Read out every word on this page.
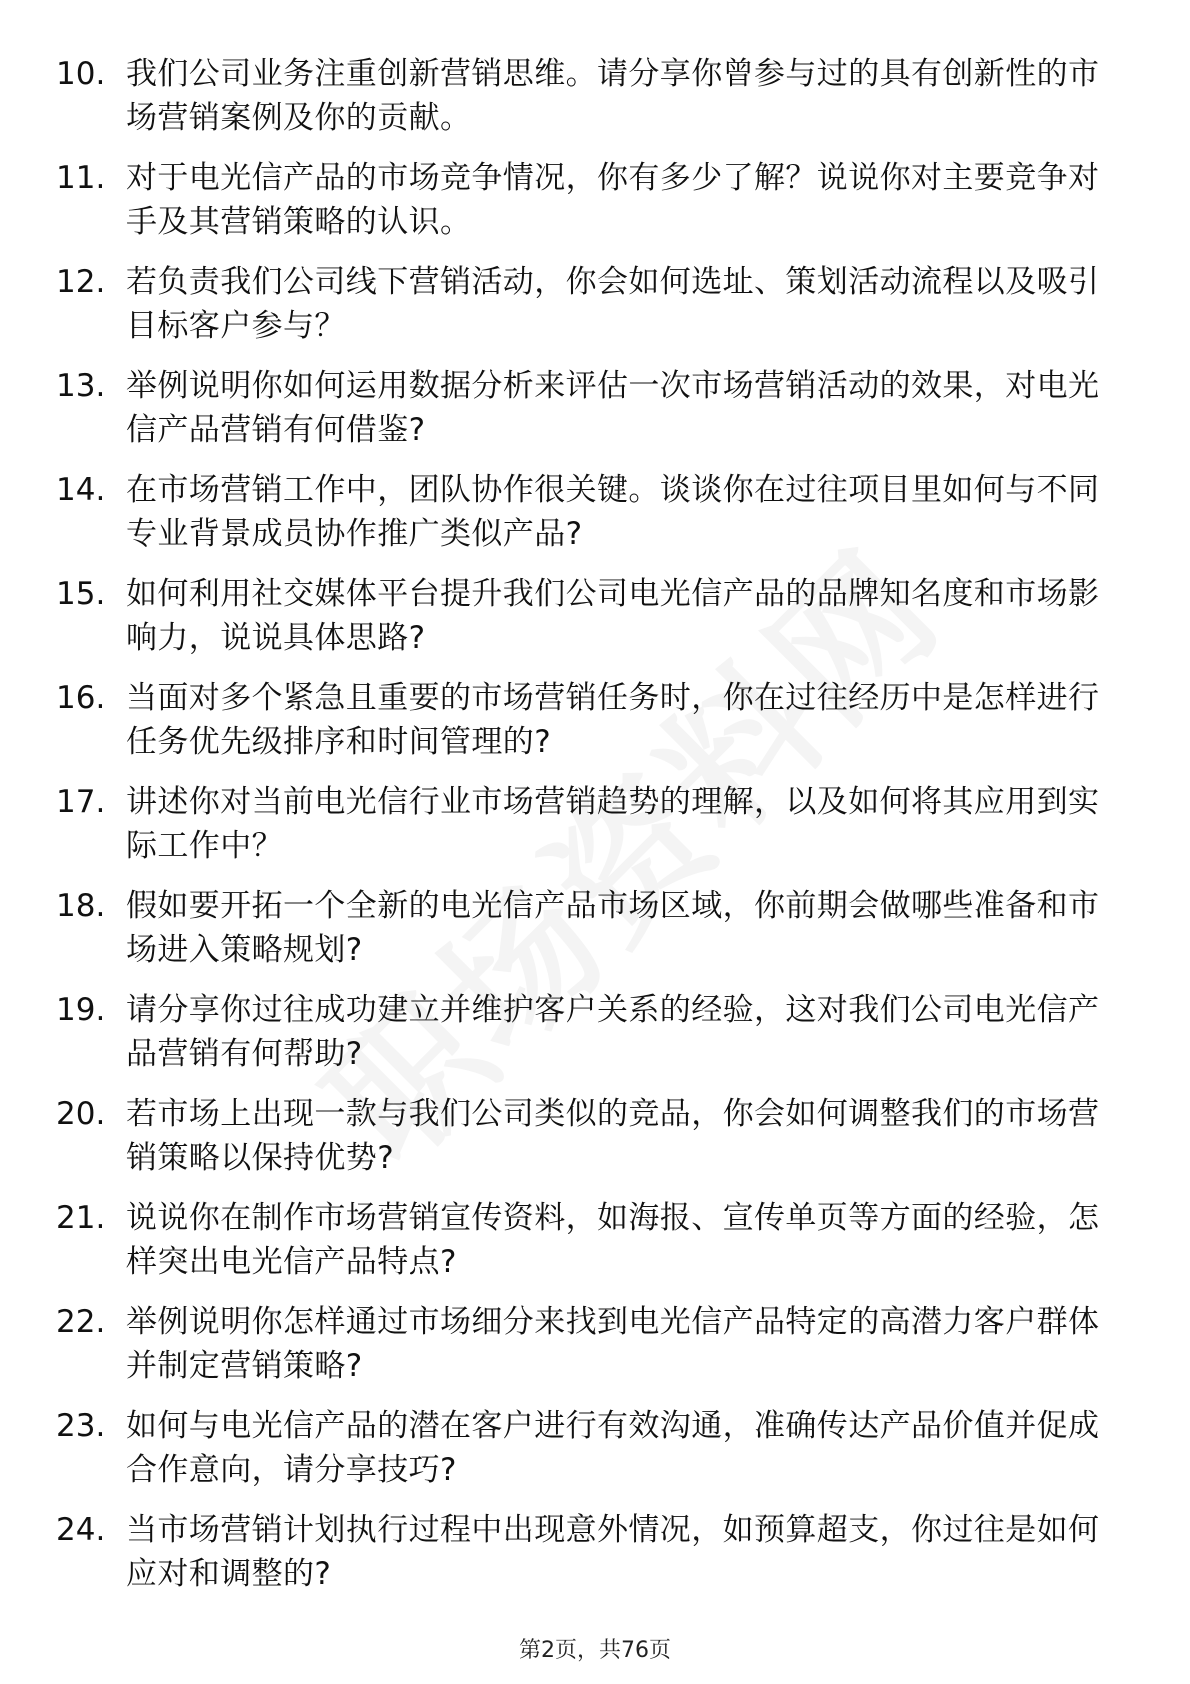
10. 我们公司业务注重创新营销思维。请分享你曾参与过的具有创新性的市场营销案例及你的贡献。
11. 对于电光信产品的市场竞争情况，你有多少了解？说说你对主要竞争对手及其营销策略的认识。
12. 若负责我们公司线下营销活动，你会如何选址、策划活动流程以及吸引目标客户参与？
13. 举例说明你如何运用数据分析来评估一次市场营销活动的效果，对电光信产品营销有何借鉴?
14. 在市场营销工作中，团队协作很关键。谈谈你在过往项目里如何与不同专业背景成员协作推广类似产品?
15. 如何利用社交媒体平台提升我们公司电光信产品的品牌知名度和市场影响力，说说具体思路?
16. 当面对多个紧急且重要的市场营销任务时，你在过往经历中是怎样进行任务优先级排序和时间管理的?
17. 讲述你对当前电光信行业市场营销趋势的理解，以及如何将其应用到实际工作中？
18. 假如要开拓一个全新的电光信产品市场区域，你前期会做哪些准备和市场进入策略规划?
19. 请分享你过往成功建立并维护客户关系的经验，这对我们公司电光信产品营销有何帮助?
20. 若市场上出现一款与我们公司类似的竞品，你会如何调整我们的市场营销策略以保持优势?
21. 说说你在制作市场营销宣传资料，如海报、宣传单页等方面的经验，怎样突出电光信产品特点?
22. 举例说明你怎样通过市场细分来找到电光信产品特定的高潜力客户群体并制定营销策略?
23. 如何与电光信产品的潜在客户进行有效沟通，准确传达产品价值并促成合作意向，请分享技巧?
24. 当市场营销计划执行过程中出现意外情况，如预算超支，你过往是如何应对和调整的?
第2页，共76页
